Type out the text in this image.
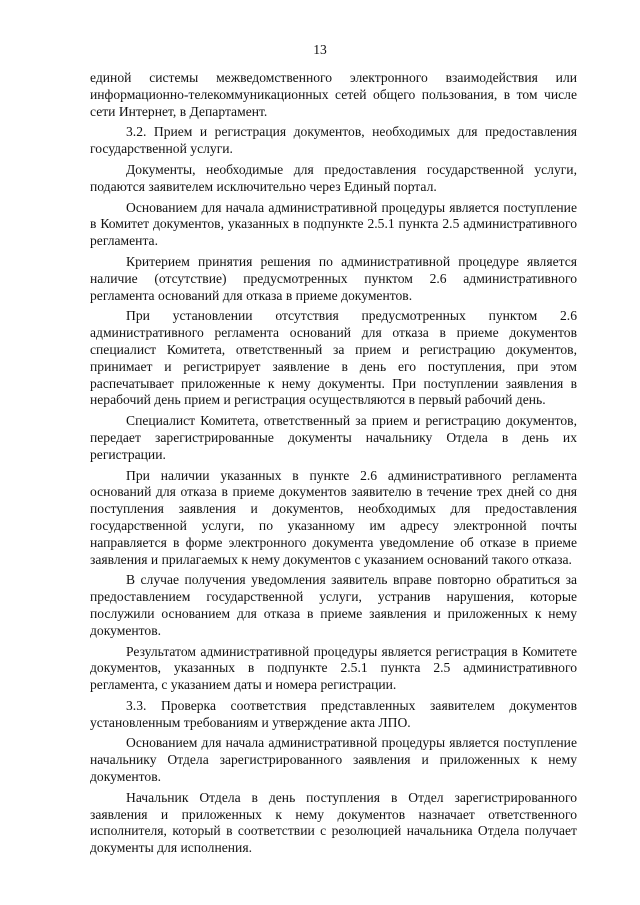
13

единой системы межведомственного электронного взаимодействия или информационно-телекоммуникационных сетей общего пользования, в том числе сети Интернет, в Департамент.

3.2. Прием и регистрация документов, необходимых для предоставления государственной услуги.

Документы, необходимые для предоставления государственной услуги, подаются заявителем исключительно через Единый портал.

Основанием для начала административной процедуры является поступление в Комитет документов, указанных в подпункте 2.5.1 пункта 2.5 административного регламента.

Критерием принятия решения по административной процедуре является наличие (отсутствие) предусмотренных пунктом 2.6 административного регламента оснований для отказа в приеме документов.

При установлении отсутствия предусмотренных пунктом 2.6 административного регламента оснований для отказа в приеме документов специалист Комитета, ответственный за прием и регистрацию документов, принимает и регистрирует заявление в день его поступления, при этом распечатывает приложенные к нему документы. При поступлении заявления в нерабочий день прием и регистрация осуществляются в первый рабочий день.

Специалист Комитета, ответственный за прием и регистрацию документов, передает зарегистрированные документы начальнику Отдела в день их регистрации.

При наличии указанных в пункте 2.6 административного регламента оснований для отказа в приеме документов заявителю в течение трех дней со дня поступления заявления и документов, необходимых для предоставления государственной услуги, по указанному им адресу электронной почты направляется в форме электронного документа уведомление об отказе в приеме заявления и прилагаемых к нему документов с указанием оснований такого отказа.

В случае получения уведомления заявитель вправе повторно обратиться за предоставлением государственной услуги, устранив нарушения, которые послужили основанием для отказа в приеме заявления и приложенных к нему документов.

Результатом административной процедуры является регистрация в Комитете документов, указанных в подпункте 2.5.1 пункта 2.5 административного регламента, с указанием даты и номера регистрации.

3.3. Проверка соответствия представленных заявителем документов установленным требованиям и утверждение акта ЛПО.

Основанием для начала административной процедуры является поступление начальнику Отдела зарегистрированного заявления и приложенных к нему документов.

Начальник Отдела в день поступления в Отдел зарегистрированного заявления и приложенных к нему документов назначает ответственного исполнителя, который в соответствии с резолюцией начальника Отдела получает документы для исполнения.
